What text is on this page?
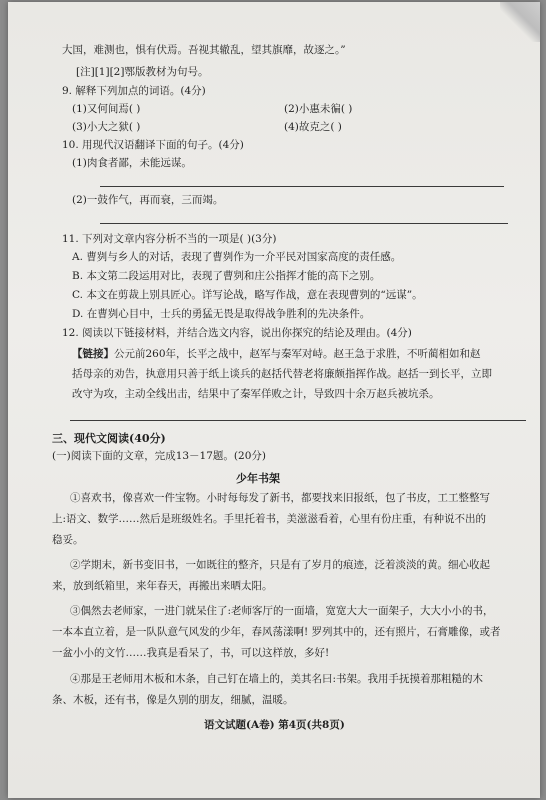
大国，难测也，惧有伏焉。吾视其辙乱，望其旗靡，故逐之。”
[注][1][2]鄂版教材为句号。
9. 解释下列加点的词语。(4分)
(1)又何间焉( )	(2)小惠未徧( )
(3)小大之狱( )	(4)故克之( )
10. 用现代汉语翻译下面的句子。(4分)
(1)肉食者鄙，未能远谋。
(2)一鼓作气，再而衰，三而竭。
11. 下列对文章内容分析不当的一项是( )(3分)
A. 曹刿与乡人的对话，表现了曹刿作为一介平民对国家高度的责任感。
B. 本文第二段运用对比，表现了曹刿和庄公指挥才能的高下之别。
C. 本文在剪裁上别具匠心。详写论战，略写作战，意在表现曹刿的“远谋”。
D. 在曹刿心目中，士兵的勇猛无畏是取得战争胜利的先决条件。
12. 阅读以下链接材料，并结合选文内容，说出你探究的结论及理由。(4分)
【链接】公元前260年，长平之战中，赵军与秦军对峙。赵王急于求胜，不听蔺相如和赵
括母亲的劝告，执意用只善于纸上谈兵的赵括代替老将廉颇指挥作战。赵括一到长平，立即
改守为攻，主动全线出击，结果中了秦军佯败之计，导致四十余万赵兵被坑杀。
三、现代文阅读(40分)
(一)阅读下面的文章，完成13－17题。(20分)
少年书架
①喜欢书，像喜欢一件宝物。小时每每发了新书，都要找来旧报纸，包了书皮，工工整整写
上:语文、数学……然后是班级姓名。手里托着书，美滋滋看着，心里有份庄重，有种说不出的
稳妥。
②学期末，新书变旧书，一如既往的整齐，只是有了岁月的痕迹，泛着淡淡的黄。细心收起
来，放到纸箱里，来年春天，再搬出来晒太阳。
③偶然去老师家，一进门就呆住了:老师客厅的一面墙，宽宽大大一面架子，大大小小的书，
一本本直立着，是一队队意气风发的少年，春风荡漾啊! 罗列其中的，还有照片，石膏雕像，或者
一盆小小的文竹……我真是看呆了，书，可以这样放，多好!
④那是王老师用木板和木条，自己钉在墙上的，美其名曰:书架。我用手抚摸着那粗糙的木
条、木板，还有书，像是久别的朋友，细腻，温暖。
语文试题(A卷) 第4页(共8页)
